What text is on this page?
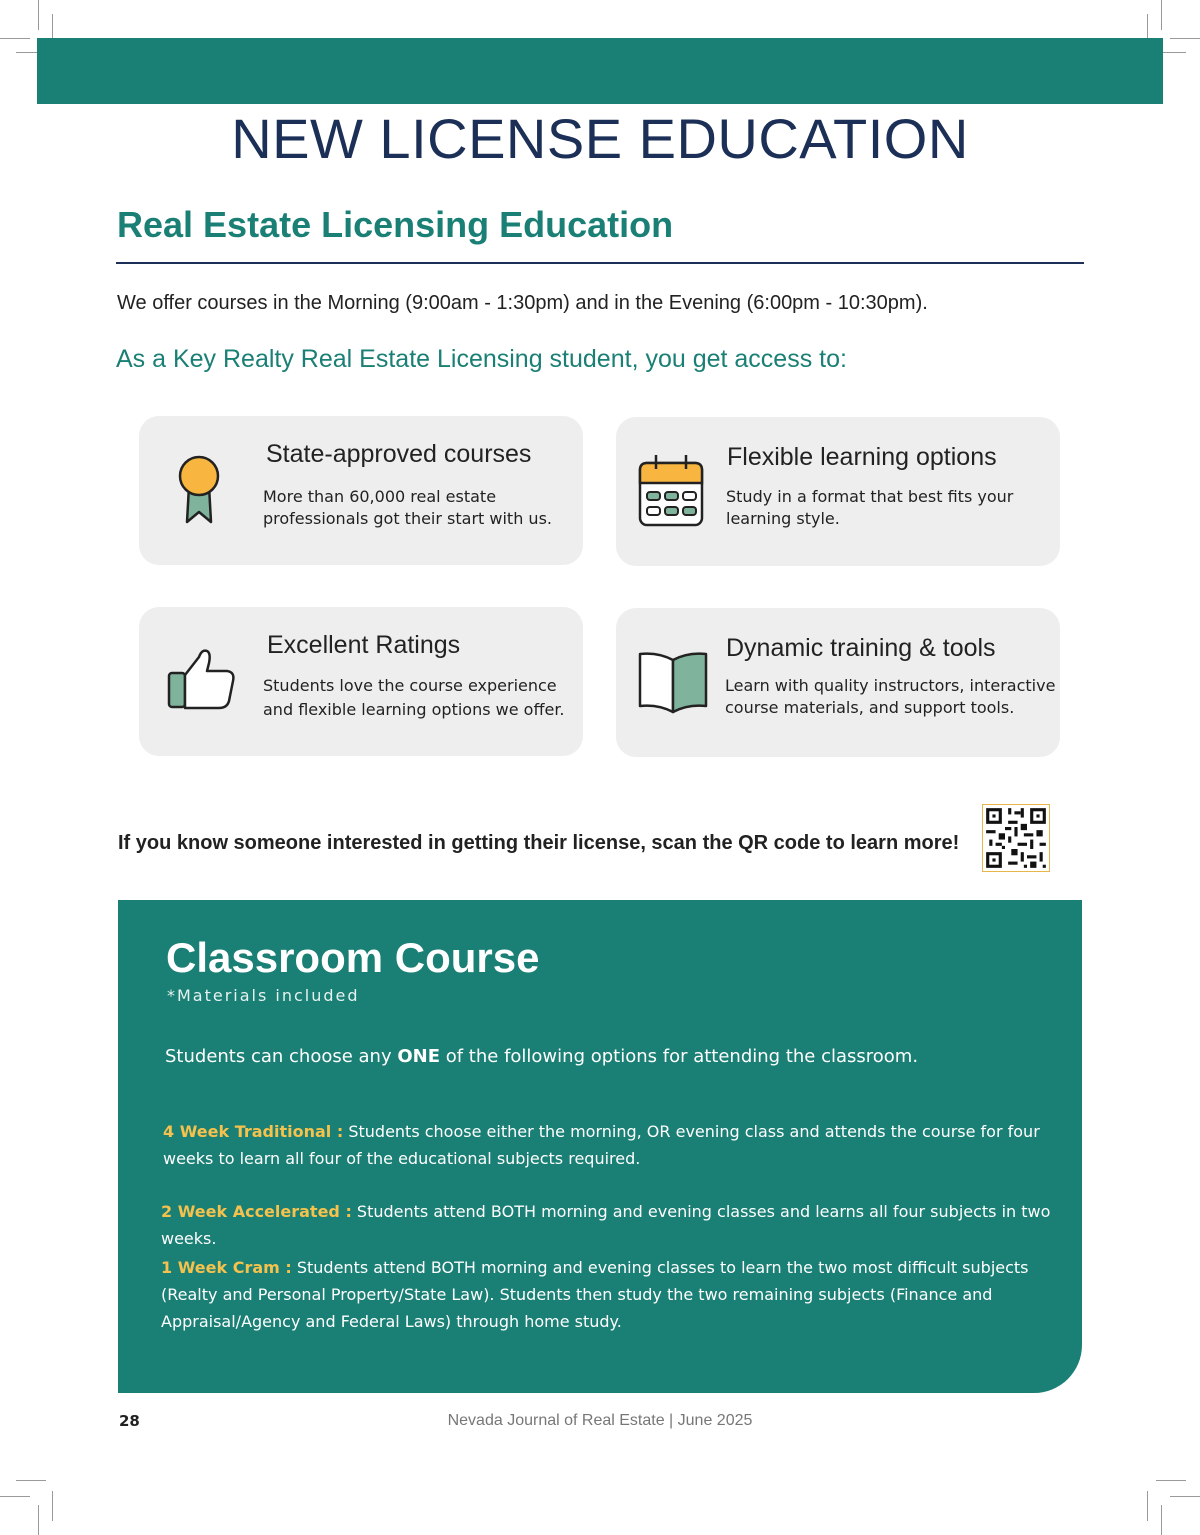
NEW LICENSE EDUCATION
Real Estate Licensing Education
We offer courses in the Morning (9:00am - 1:30pm) and in the Evening (6:00pm - 10:30pm).
As a Key Realty Real Estate Licensing student, you get access to:
State-approved courses
More than 60,000 real estate
professionals got their start with us.
Flexible learning options
Study in a format that best fits your
learning style.
Excellent Ratings
Students love the course experience
and flexible learning options we offer.
Dynamic training & tools
Learn with quality instructors, interactive
course materials, and support tools.
If you know someone interested in getting their license, scan the QR code to learn more!
Classroom Course
*Materials included
Students can choose any ONE of the following options for attending the classroom.
4 Week Traditional : Students choose either the morning, OR evening class and attends the course for four weeks to learn all four of the educational subjects required.
2 Week Accelerated : Students attend BOTH morning and evening classes and learns all four subjects in two weeks.
1 Week Cram : Students attend BOTH morning and evening classes to learn the two most difficult subjects (Realty and Personal Property/State Law). Students then study the two remaining subjects (Finance and Appraisal/Agency and Federal Laws) through home study.
28	Nevada Journal of Real Estate | June 2025
